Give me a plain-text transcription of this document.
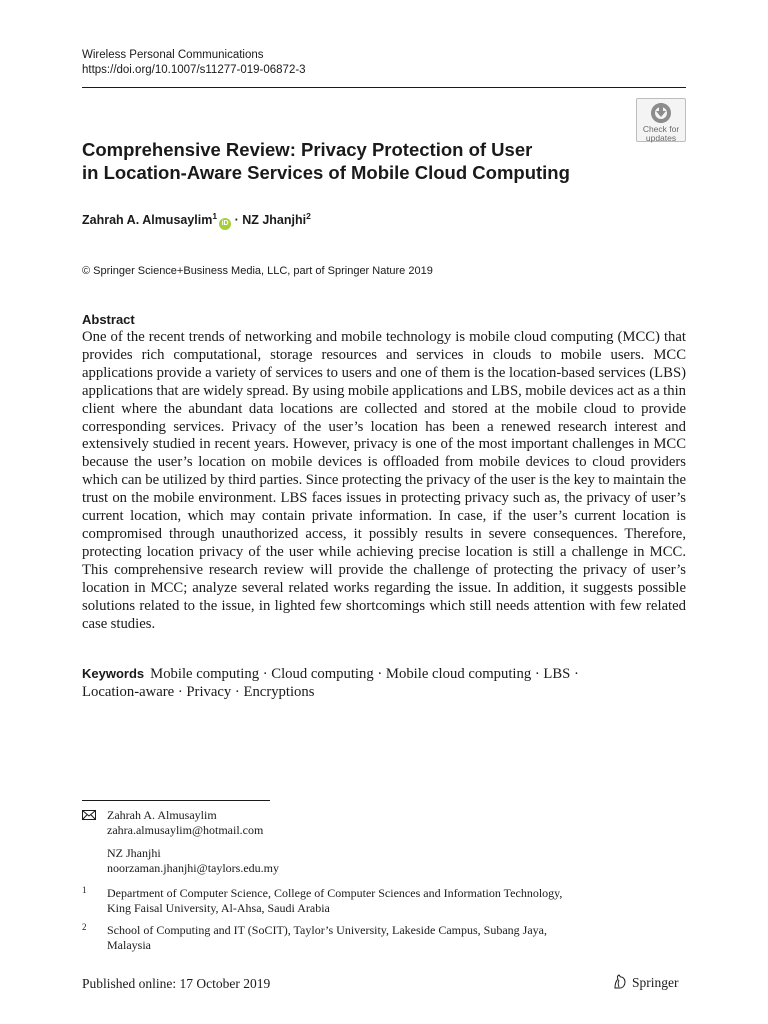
Wireless Personal Communications
https://doi.org/10.1007/s11277-019-06872-3
Check for
updates
Comprehensive Review: Privacy Protection of User
in Location-Aware Services of Mobile Cloud Computing
Zahrah A. Almusaylim$^1$iD · NZ Jhanjhi$^2$
© Springer Science+Business Media, LLC, part of Springer Nature 2019
Abstract

One of the recent trends of networking and mobile technology is mobile cloud computing (MCC) that provides rich computational, storage resources and services in clouds to mobile users. MCC applications provide a variety of services to users and one of them is the location-based services (LBS) applications that are widely spread. By using mobile applications and LBS, mobile devices act as a thin client where the abundant data locations are collected and stored at the mobile cloud to provide corresponding services. Privacy of the user’s location has been a renewed research interest and extensively studied in recent years. However, privacy is one of the most important challenges in MCC because the user’s location on mobile devices is offloaded from mobile devices to cloud providers which can be utilized by third parties. Since protecting the privacy of the user is the key to maintain the trust on the mobile environment. LBS faces issues in protecting privacy such as, the privacy of user’s current location, which may contain private information. In case, if the user’s current location is compromised through unauthorized access, it possibly results in severe consequences. Therefore, protecting location privacy of the user while achieving precise location is still a challenge in MCC. This comprehensive research review will provide the challenge of protecting the privacy of user’s location in MCC; analyze several related works regarding the issue. In addition, it suggests possible solutions related to the issue, in lighted few shortcomings which still needs attention with few related case studies.

Keywords Mobile computing · Cloud computing · Mobile cloud computing · LBS ·
Location-aware · Privacy · Encryptions
Zahrah A. Almusaylim
zahra.almusaylim@hotmail.com
NZ Jhanjhi
noorzaman.jhanjhi@taylors.edu.my
1 Department of Computer Science, College of Computer Sciences and Information Technology,
King Faisal University, Al-Ahsa, Saudi Arabia
2 School of Computing and IT (SoCIT), Taylor’s University, Lakeside Campus, Subang Jaya,
Malaysia
Published online: 17 October 2019	Springer
